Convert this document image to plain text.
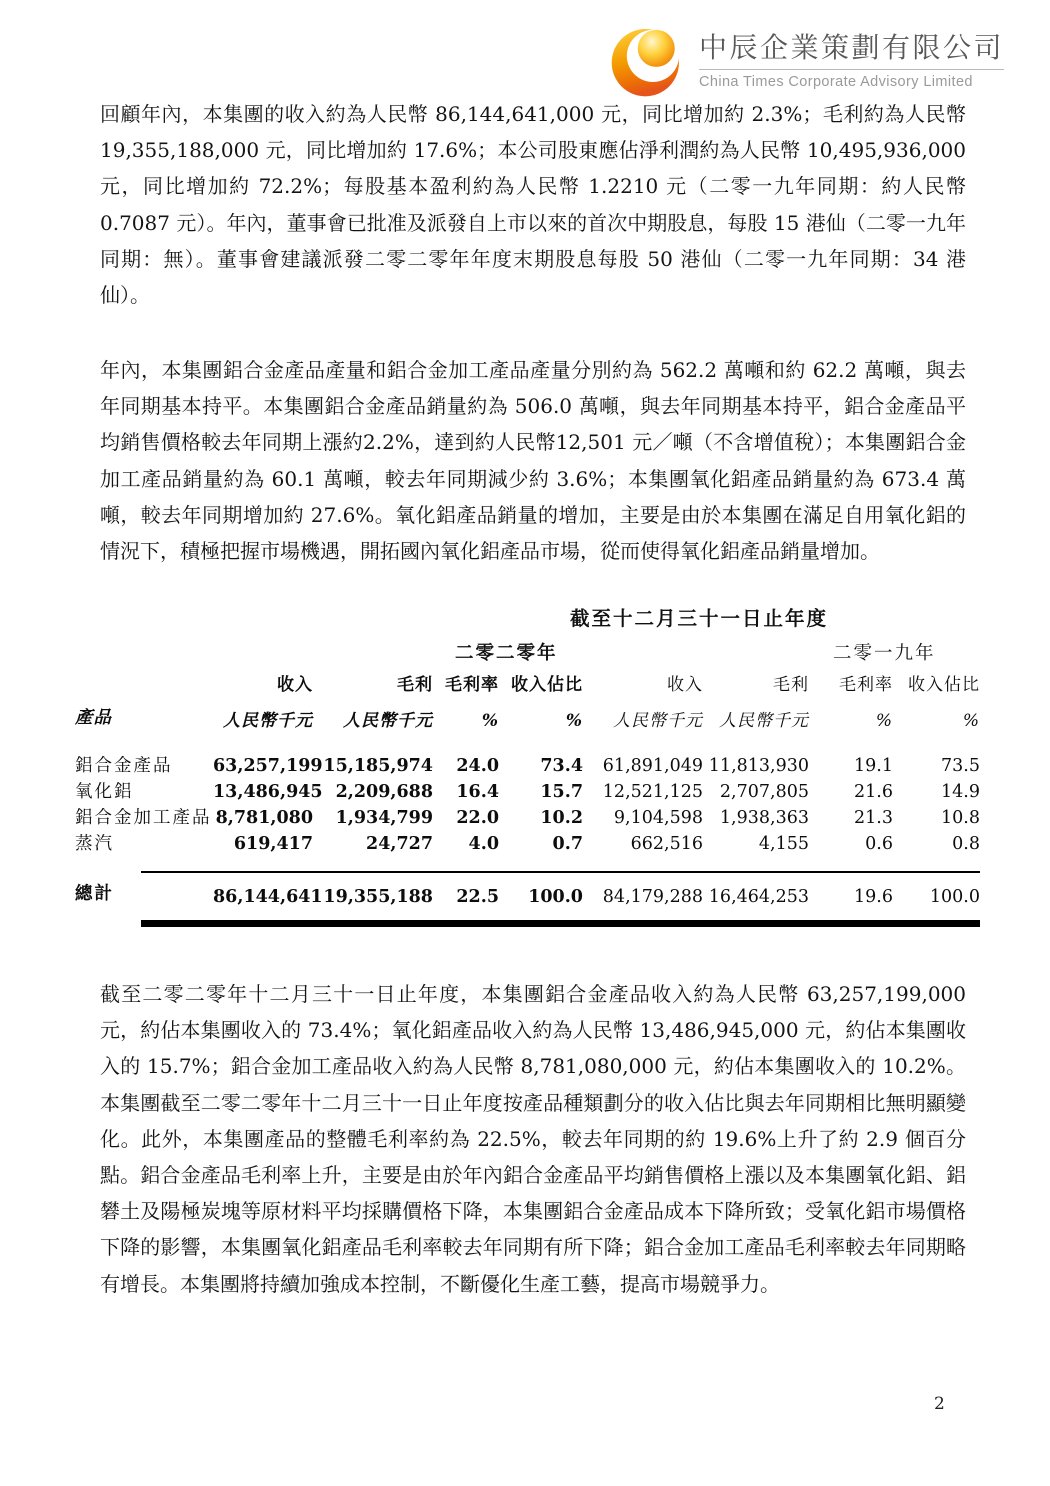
中辰企業策劃有限公司
China Times Corporate Advisory Limited
回顧年內，本集團的收入約為人民幣 86,144,641,000 元，同比增加約 2.3%；毛利約為人民幣 19,355,188,000 元，同比增加約 17.6%；本公司股東應佔淨利潤約為人民幣 10,495,936,000 元，同比增加約 72.2%；每股基本盈利約為人民幣 1.2210 元（二零一九年同期：約人民幣 0.7087 元）。年內，董事會已批准及派發自上市以來的首次中期股息，每股 15 港仙（二零一九年同期：無）。董事會建議派發二零二零年年度末期股息每股 50 港仙（二零一九年同期：34 港仙）。
年內，本集團鋁合金產品產量和鋁合金加工產品產量分別約為 562.2 萬噸和約 62.2 萬噸，與去年同期基本持平。本集團鋁合金產品銷量約為 506.0 萬噸，與去年同期基本持平，鋁合金產品平均銷售價格較去年同期上漲約2.2%，達到約人民幣12,501 元／噸（不含增值稅）；本集團鋁合金加工產品銷量約為 60.1 萬噸，較去年同期減少約 3.6%；本集團氧化鋁產品銷量約為 673.4 萬噸，較去年同期增加約 27.6%。氧化鋁產品銷量的增加，主要是由於本集團在滿足自用氧化鋁的情況下，積極把握市場機遇，開拓國內氧化鋁產品市場，從而使得氧化鋁產品銷量增加。
截至十二月三十一日止年度
二零二零年	二零一九年
	收入	毛利	毛利率	收入佔比	收入	毛利	毛利率	收入佔比
產品	人民幣千元	人民幣千元	%	%	人民幣千元	人民幣千元	%	%

鋁合金產品	63,257,199	15,185,974	24.0	73.4	61,891,049	11,813,930	19.1	73.5
氧化鋁	13,486,945	2,209,688	16.4	15.7	12,521,125	2,707,805	21.6	14.9
鋁合金加工產品	8,781,080	1,934,799	22.0	10.2	9,104,598	1,938,363	21.3	10.8
蒸汽	619,417	24,727	4.0	0.7	662,516	4,155	0.6	0.8

總計	86,144,641	19,355,188	22.5	100.0	84,179,288	16,464,253	19.6	100.0

截至二零二零年十二月三十一日止年度，本集團鋁合金產品收入約為人民幣 63,257,199,000 元，約佔本集團收入的 73.4%；氧化鋁產品收入約為人民幣 13,486,945,000 元，約佔本集團收入的 15.7%；鋁合金加工產品收入約為人民幣 8,781,080,000 元，約佔本集團收入的 10.2%。本集團截至二零二零年十二月三十一日止年度按產品種類劃分的收入佔比與去年同期相比無明顯變化。此外，本集團產品的整體毛利率約為 22.5%，較去年同期的約 19.6%上升了約 2.9 個百分點。鋁合金產品毛利率上升，主要是由於年內鋁合金產品平均銷售價格上漲以及本集團氧化鋁、鋁礬土及陽極炭塊等原材料平均採購價格下降，本集團鋁合金產品成本下降所致；受氧化鋁市場價格下降的影響，本集團氧化鋁產品毛利率較去年同期有所下降；鋁合金加工產品毛利率較去年同期略有增長。本集團將持續加強成本控制，不斷優化生產工藝，提高市場競爭力。
2
